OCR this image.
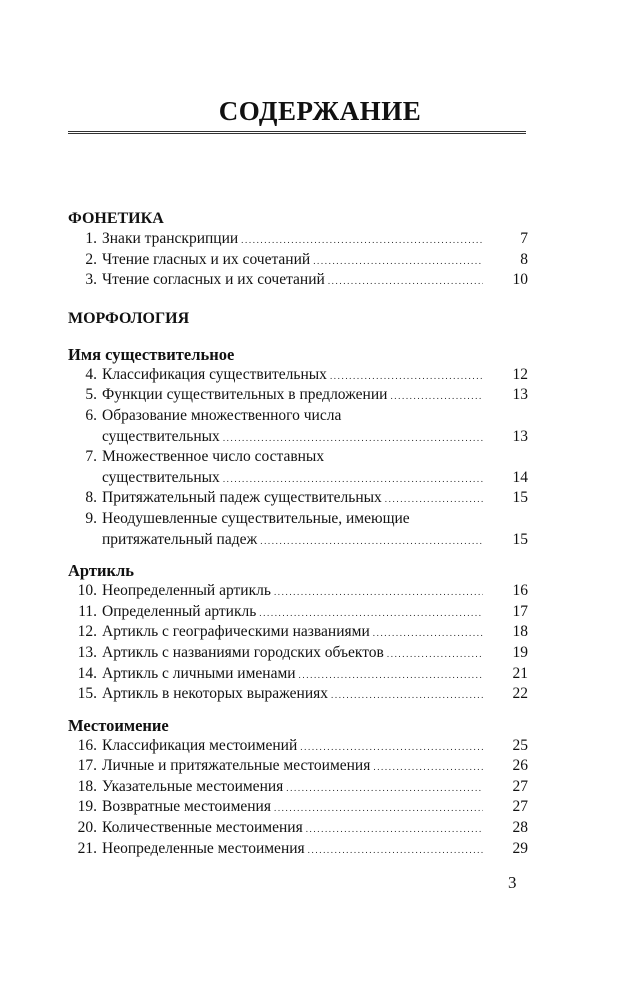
СОДЕРЖАНИЕ
ФОНЕТИКА
1. Знаки транскрипции .....	7
2. Чтение гласных и их сочетаний .....	8
3. Чтение согласных и их сочетаний .....	10
МОРФОЛОГИЯ
Имя существительное
4. Классификация существительных .....	12
5. Функции существительных в предложении .....	13
6. Образование множественного числа
существительных .....	13
7. Множественное число составных
существительных .....	14
8. Притяжательный падеж существительных .....	15
9. Неодушевленные существительные, имеющие
притяжательный падеж .....	15
Артикль
10. Неопределенный артикль .....	16
11. Определенный артикль .....	17
12. Артикль с географическими названиями .....	18
13. Артикль с названиями городских объектов .....	19
14. Артикль с личными именами .....	21
15. Артикль в некоторых выражениях .....	22
Местоимение
16. Классификация местоимений .....	25
17. Личные и притяжательные местоимения .....	26
18. Указательные местоимения .....	27
19. Возвратные местоимения .....	27
20. Количественные местоимения .....	28
21. Неопределенные местоимения .....	29
3
